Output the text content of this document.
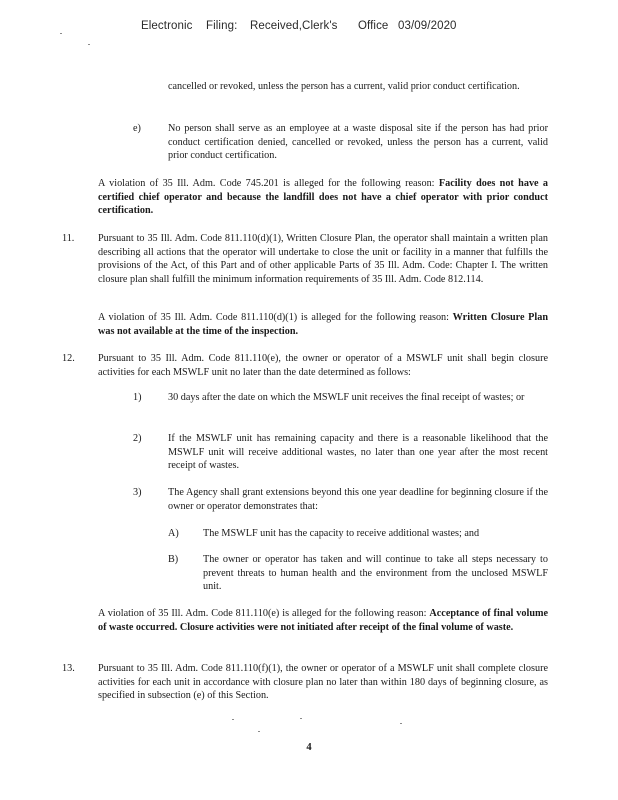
Electronic Filing: Received,Clerk's Office 03/09/2020

cancelled or revoked, unless the person has a current, valid prior conduct certification.

e)	No person shall serve as an employee at a waste disposal site if the person has had prior conduct certification denied, cancelled or revoked, unless the person has a current, valid prior conduct certification.

A violation of 35 Ill. Adm. Code 745.201 is alleged for the following reason: Facility does not have a certified chief operator and because the landfill does not have a chief operator with prior conduct certification.

11. Pursuant to 35 Ill. Adm. Code 811.110(d)(1), Written Closure Plan, the operator shall maintain a written plan describing all actions that the operator will undertake to close the unit or facility in a manner that fulfills the provisions of the Act, of this Part and of other applicable Parts of 35 Ill. Adm. Code: Chapter I. The written closure plan shall fulfill the minimum information requirements of 35 Ill. Adm. Code 812.114.

A violation of 35 Ill. Adm. Code 811.110(d)(1) is alleged for the following reason: Written Closure Plan was not available at the time of the inspection.

12. Pursuant to 35 Ill. Adm. Code 811.110(e), the owner or operator of a MSWLF unit shall begin closure activities for each MSWLF unit no later than the date determined as follows:

1)	30 days after the date on which the MSWLF unit receives the final receipt of wastes; or

2)	If the MSWLF unit has remaining capacity and there is a reasonable likelihood that the MSWLF unit will receive additional wastes, no later than one year after the most recent receipt of wastes.

3)	The Agency shall grant extensions beyond this one year deadline for beginning closure if the owner or operator demonstrates that:

A) The MSWLF unit has the capacity to receive additional wastes; and

B) The owner or operator has taken and will continue to take all steps necessary to prevent threats to human health and the environment from the unclosed MSWLF unit.

A violation of 35 Ill. Adm. Code 811.110(e) is alleged for the following reason: Acceptance of final volume of waste occurred. Closure activities were not initiated after receipt of the final volume of waste.

13. Pursuant to 35 Ill. Adm. Code 811.110(f)(1), the owner or operator of a MSWLF unit shall complete closure activities for each unit in accordance with closure plan no later than within 180 days of beginning closure, as specified in subsection (e) of this Section.

4
